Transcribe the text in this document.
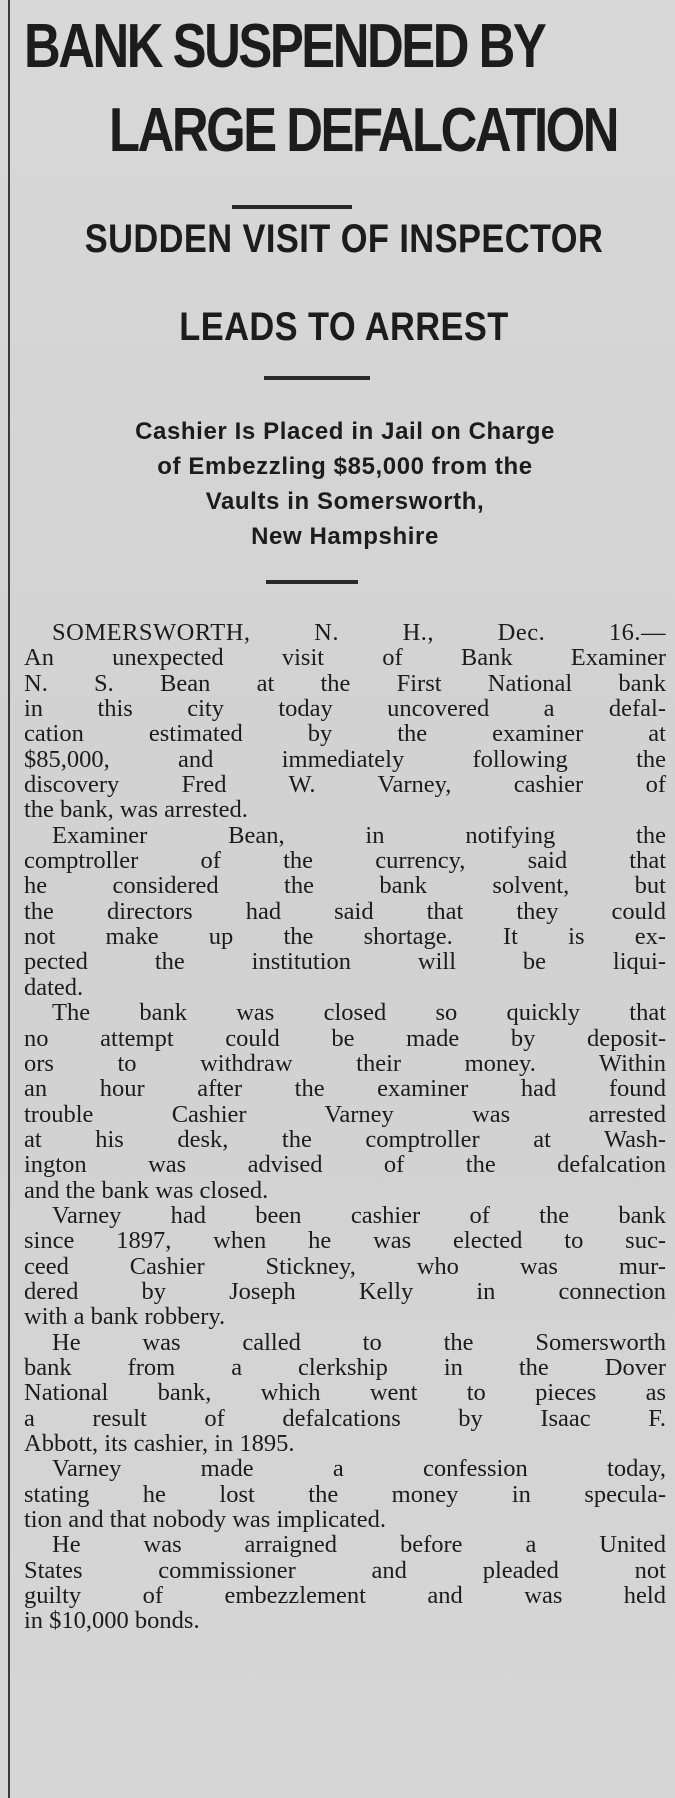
BANK SUSPENDED BY
LARGE DEFALCATION
SUDDEN VISIT OF INSPECTOR
LEADS TO ARREST
Cashier Is Placed in Jail on Charge
of Embezzling $85,000 from the
Vaults in Somersworth,
New Hampshire
SOMERSWORTH, N. H., Dec. 16.—
An unexpected visit of Bank Examiner
N. S. Bean at the First National bank
in this city today uncovered a defal-
cation estimated by the examiner at
$85,000, and immediately following the
discovery Fred W. Varney, cashier of
the bank, was arrested.
Examiner Bean, in notifying the
comptroller of the currency, said that
he considered the bank solvent, but
the directors had said that they could
not make up the shortage. It is ex-
pected the institution will be liqui-
dated.
The bank was closed so quickly that
no attempt could be made by deposit-
ors to withdraw their money. Within
an hour after the examiner had found
trouble Cashier Varney was arrested
at his desk, the comptroller at Wash-
ington was advised of the defalcation
and the bank was closed.
Varney had been cashier of the bank
since 1897, when he was elected to suc-
ceed Cashier Stickney, who was mur-
dered by Joseph Kelly in connection
with a bank robbery.
He was called to the Somersworth
bank from a clerkship in the Dover
National bank, which went to pieces as
a result of defalcations by Isaac F.
Abbott, its cashier, in 1895.
Varney made a confession today,
stating he lost the money in specula-
tion and that nobody was implicated.
He was arraigned before a United
States commissioner and pleaded not
guilty of embezzlement and was held
in $10,000 bonds.
